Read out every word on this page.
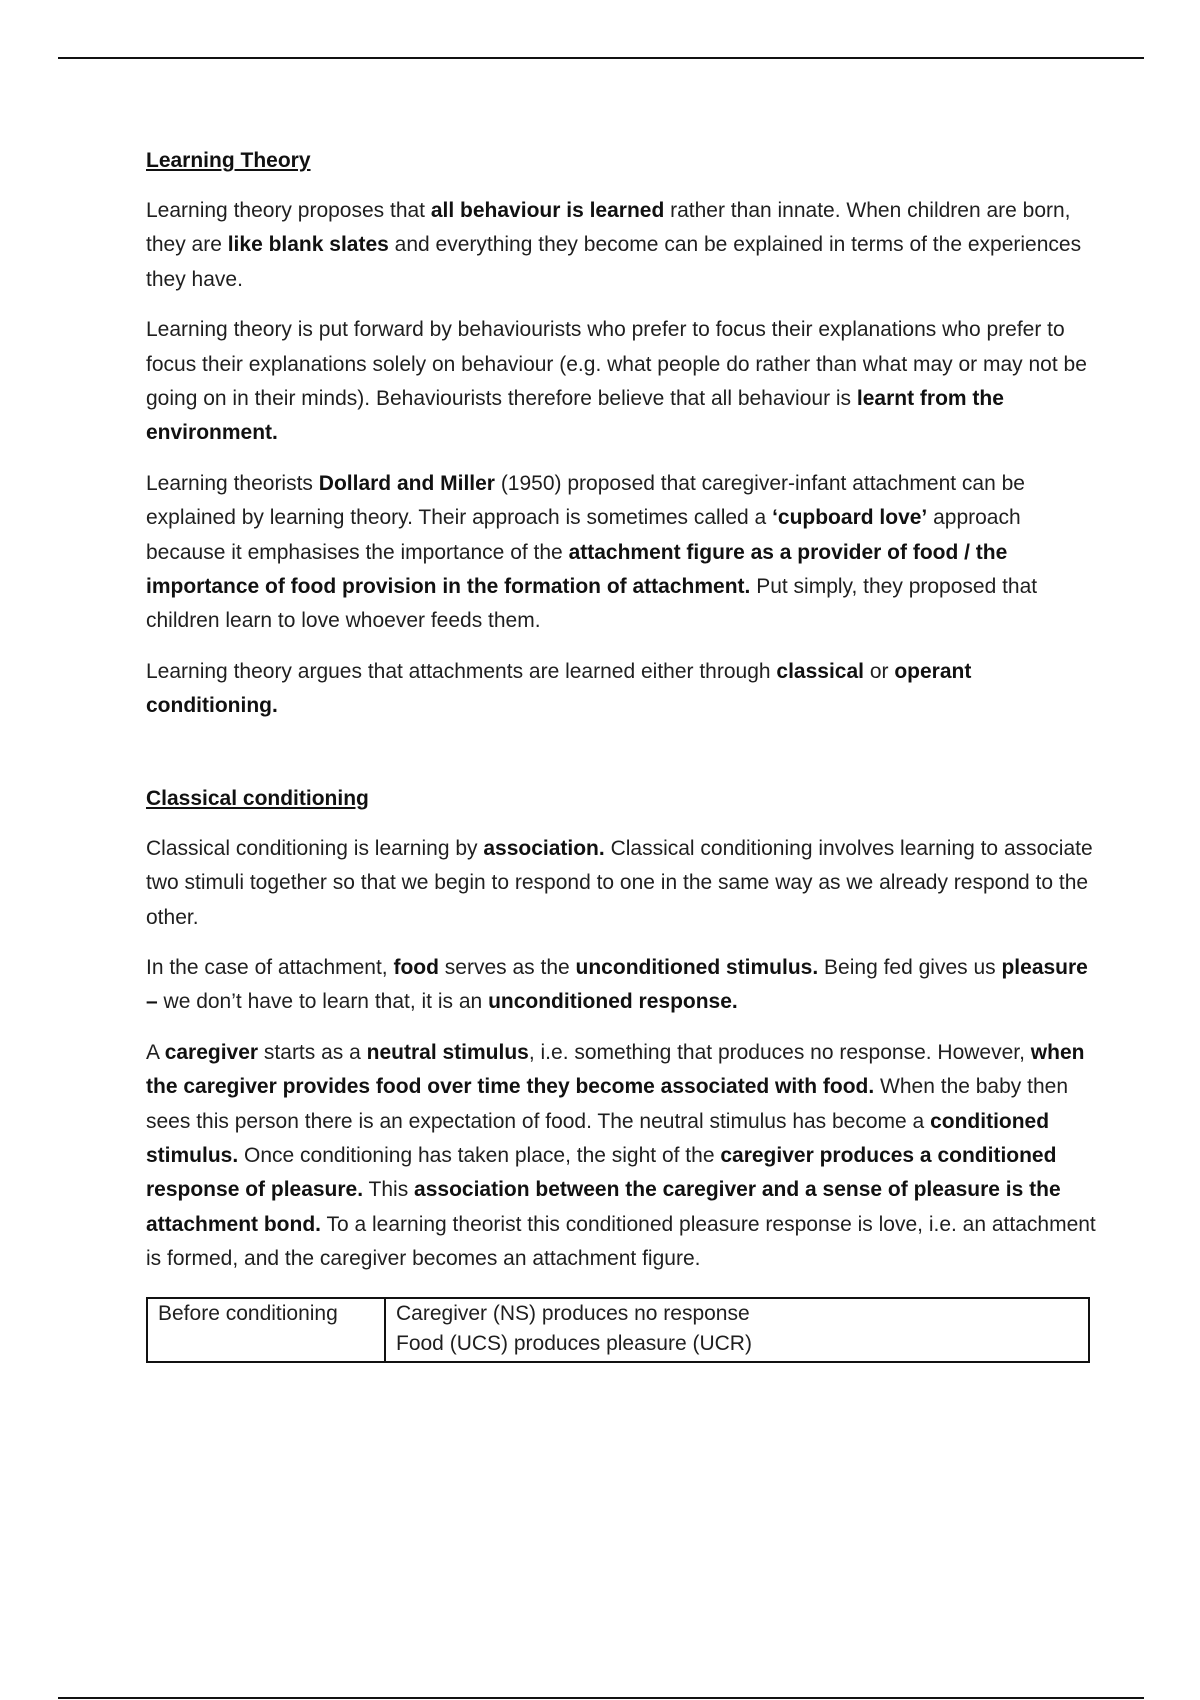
Learning Theory

Learning theory proposes that all behaviour is learned rather than innate. When children are born, they are like blank slates and everything they become can be explained in terms of the experiences they have.

Learning theory is put forward by behaviourists who prefer to focus their explanations who prefer to focus their explanations solely on behaviour (e.g. what people do rather than what may or may not be going on in their minds). Behaviourists therefore believe that all behaviour is learnt from the environment.

Learning theorists Dollard and Miller (1950) proposed that caregiver-infant attachment can be explained by learning theory. Their approach is sometimes called a ‘cupboard love’ approach because it emphasises the importance of the attachment figure as a provider of food / the importance of food provision in the formation of attachment. Put simply, they proposed that children learn to love whoever feeds them.

Learning theory argues that attachments are learned either through classical or operant conditioning.

Classical conditioning

Classical conditioning is learning by association. Classical conditioning involves learning to associate two stimuli together so that we begin to respond to one in the same way as we already respond to the other.

In the case of attachment, food serves as the unconditioned stimulus. Being fed gives us pleasure – we don’t have to learn that, it is an unconditioned response.

A caregiver starts as a neutral stimulus, i.e. something that produces no response. However, when the caregiver provides food over time they become associated with food. When the baby then sees this person there is an expectation of food. The neutral stimulus has become a conditioned stimulus. Once conditioning has taken place, the sight of the caregiver produces a conditioned response of pleasure. This association between the caregiver and a sense of pleasure is the attachment bond. To a learning theorist this conditioned pleasure response is love, i.e. an attachment is formed, and the caregiver becomes an attachment figure.

Before conditioning	Caregiver (NS) produces no response
Food (UCS) produces pleasure (UCR)
